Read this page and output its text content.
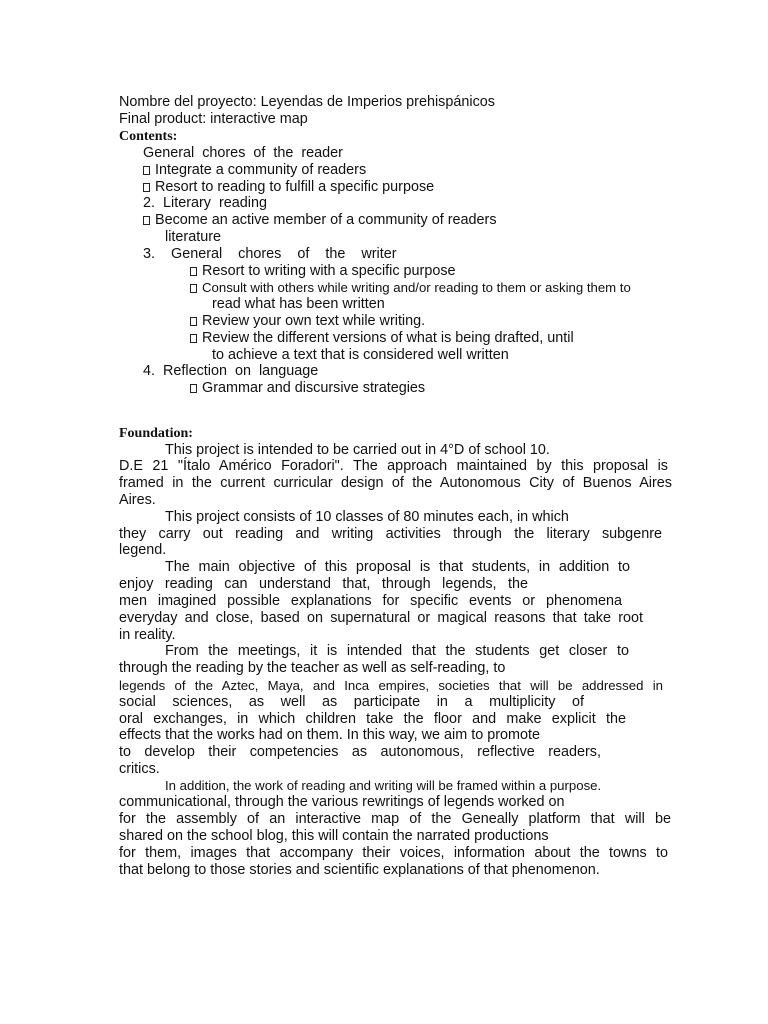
Nombre del proyecto: Leyendas de Imperios prehispánicos

Final product: interactive map

Contents:

General  chores  of  the  reader

Integrate a community of readers

Resort to reading to fulfill a specific purpose

2.  Literary  reading

Become an active member of a community of readers

literature

3.    General    chores    of    the    writer

Resort to writing with a specific purpose

Consult with others while writing and/or reading to them or asking them to

read what has been written

Review your own text while writing.

Review the different versions of what is being drafted, until

to achieve a text that is considered well written

4.  Reflection  on  language

Grammar and discursive strategies

Foundation:

This project is intended to be carried out in 4°D of school 10.

D.E 21 "Ítalo Américo Foradori". The approach maintained by this proposal is

framed in the current curricular design of the Autonomous City of Buenos Aires

Aires.

This project consists of 10 classes of 80 minutes each, in which

they carry out reading and writing activities through the literary subgenre

legend.

The main objective of this proposal is that students, in addition to

enjoy reading can understand that, through legends, the

men imagined possible explanations for specific events or phenomena

everyday and close, based on supernatural or magical reasons that take root

in reality.

From the meetings, it is intended that the students get closer to

through the reading by the teacher as well as self-reading, to

legends of the Aztec, Maya, and Inca empires, societies that will be addressed in

social sciences, as well as participate in a multiplicity of

oral exchanges, in which children take the floor and make explicit the

effects that the works had on them. In this way, we aim to promote

to develop their competencies as autonomous, reflective readers,

critics.

In addition, the work of reading and writing will be framed within a purpose.

communicational, through the various rewritings of legends worked on

for the assembly of an interactive map of the Geneally platform that will be

shared on the school blog, this will contain the narrated productions

for them, images that accompany their voices, information about the towns to

that belong to those stories and scientific explanations of that phenomenon.
